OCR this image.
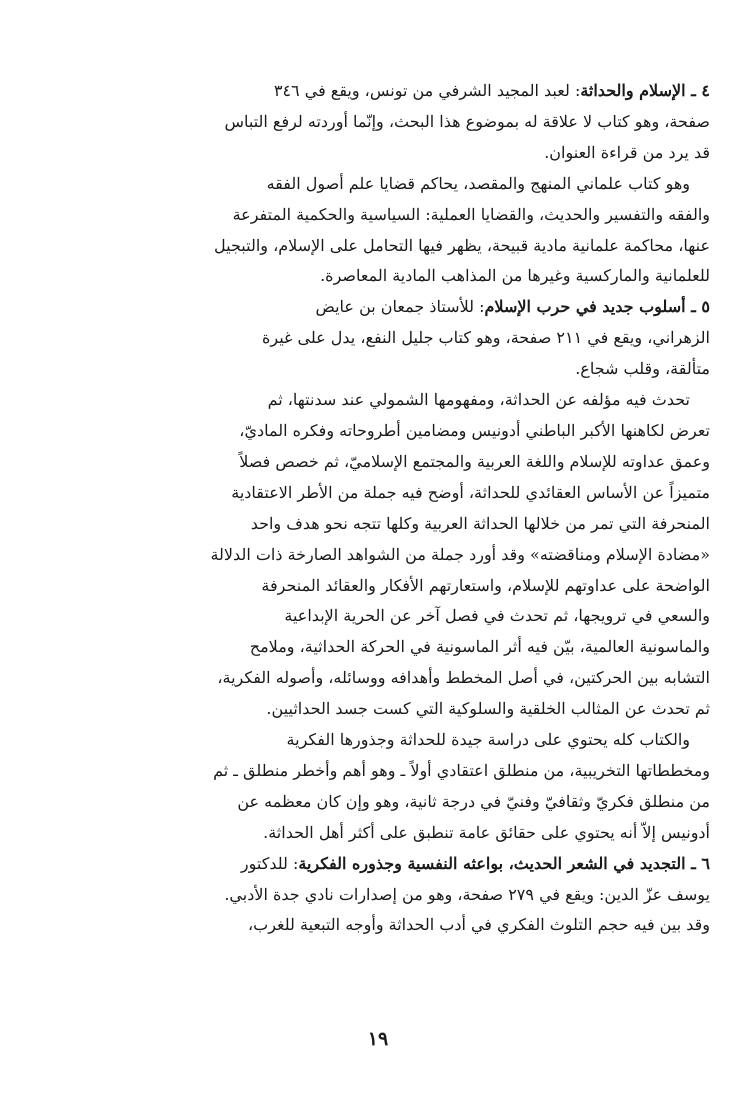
٤ ـ الإسلام والحداثة: لعبد المجيد الشرفي من تونس، ويقع في ٣٤٦
صفحة، وهو كتاب لا علاقة له بموضوع هذا البحث، وإنّما أوردته لرفع التباس
قد يرد من قراءة العنوان.

وهو كتاب علماني المنهج والمقصد، يحاكم قضايا علم أصول الفقه
والفقه والتفسير والحديث، والقضايا العملية: السياسية والحكمية المتفرعة
عنها، محاكمة علمانية مادية قبيحة، يظهر فيها التحامل على الإسلام، والتبجيل
للعلمانية والماركسية وغيرها من المذاهب المادية المعاصرة.

٥ ـ أسلوب جديد في حرب الإسلام: للأستاذ جمعان بن عايض
الزهراني، ويقع في ٢١١ صفحة، وهو كتاب جليل النفع، يدل على غيرة
متألقة، وقلب شجاع.

تحدث فيه مؤلفه عن الحداثة، ومفهومها الشمولي عند سدنتها، ثم
تعرض لكاهنها الأكبر الباطني أدونيس ومضامين أطروحاته وفكره الماديّ،
وعمق عداوته للإسلام واللغة العربية والمجتمع الإسلاميّ، ثم خصص فصلاً
متميزاً عن الأساس العقائدي للحداثة، أوضح فيه جملة من الأطر الاعتقادية
المنحرفة التي تمر من خلالها الحداثة العربية وكلها تتجه نحو هدف واحد
«مضادة الإسلام ومناقضته» وقد أورد جملة من الشواهد الصارخة ذات الدلالة
الواضحة على عداوتهم للإسلام، واستعارتهم الأفكار والعقائد المنحرفة
والسعي في ترويجها، ثم تحدث في فصل آخر عن الحرية الإبداعية
والماسونية العالمية، بيّن فيه أثر الماسونية في الحركة الحداثية، وملامح
التشابه بين الحركتين، في أصل المخطط وأهدافه ووسائله، وأصوله الفكرية،
ثم تحدث عن المثالب الخلقية والسلوكية التي كست جسد الحداثيين.

والكتاب كله يحتوي على دراسة جيدة للحداثة وجذورها الفكرية
ومخططاتها التخريبية، من منطلق اعتقادي أولاً ـ وهو أهم وأخطر منطلق ـ ثم
من منطلق فكريّ وثقافيّ وفنيّ في درجة ثانية، وهو وإن كان معظمه عن
أدونيس إلاّ أنه يحتوي على حقائق عامة تنطبق على أكثر أهل الحداثة.

٦ ـ التجديد في الشعر الحديث، بواعثه النفسية وجذوره الفكرية: للدكتور
يوسف عزّ الدين: ويقع في ٢٧٩ صفحة، وهو من إصدارات نادي جدة الأدبي.
وقد بين فيه حجم التلوث الفكري في أدب الحداثة وأوجه التبعية للغرب،

١٩
